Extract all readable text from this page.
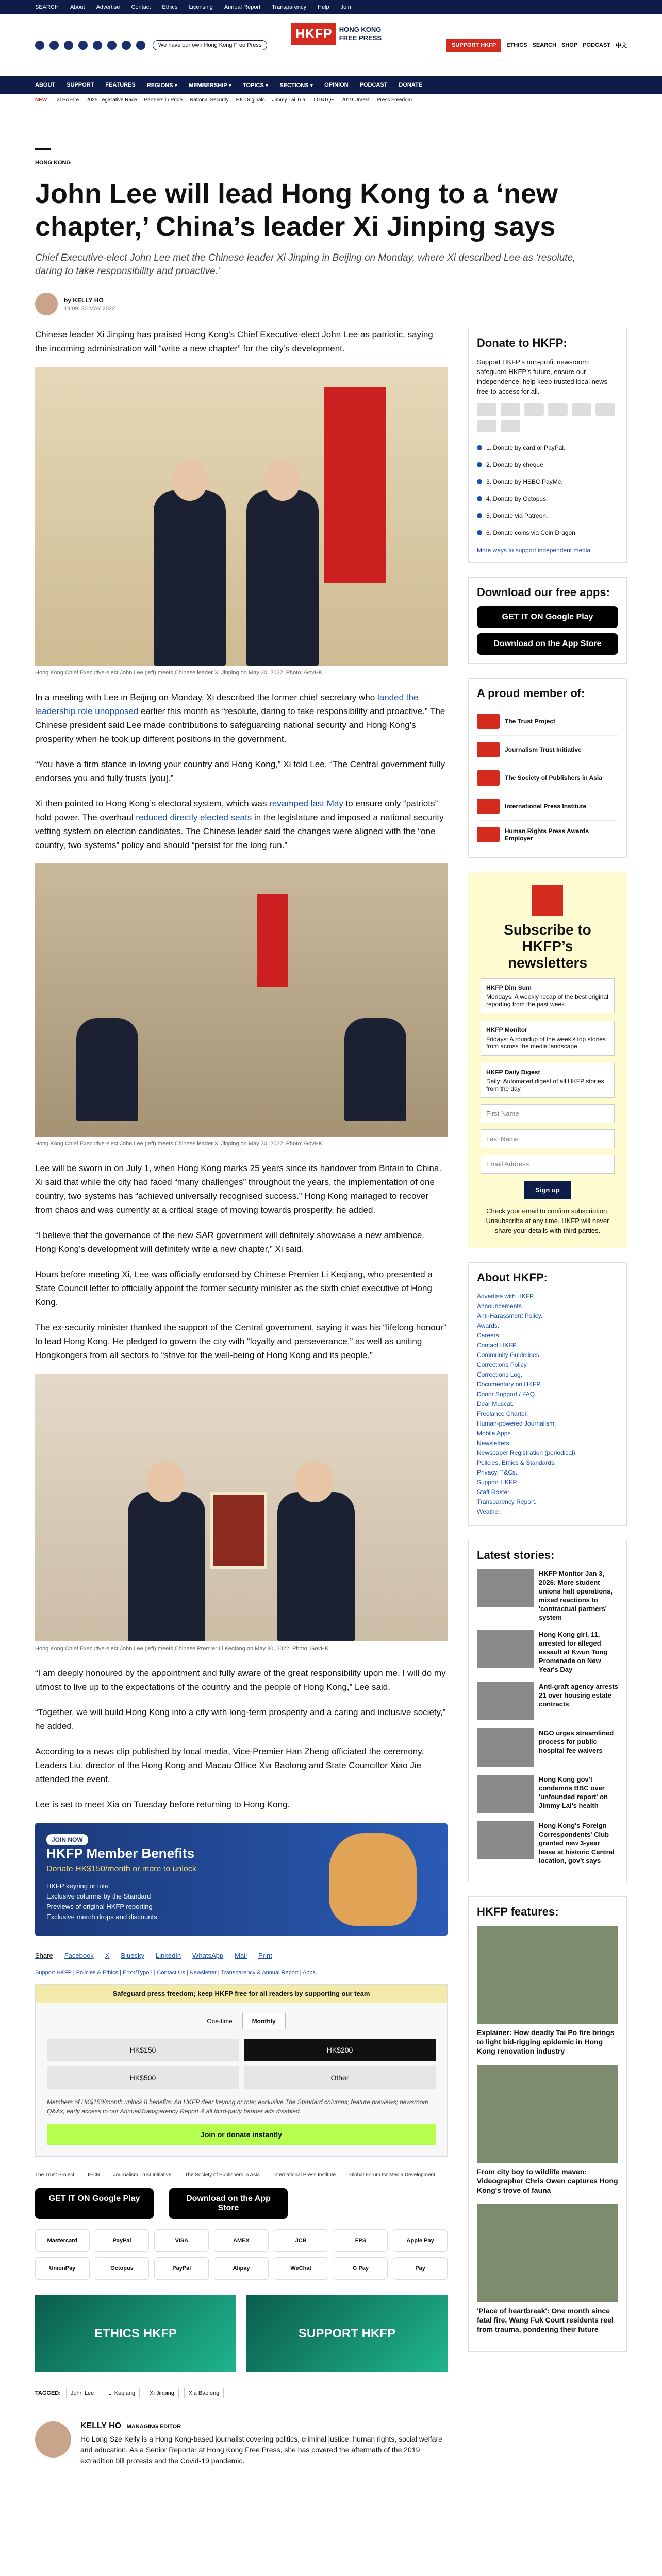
SEARCH About Advertise Contact Ethics Licensing Annual Report Transparency Help Join
We have our own Hong Kong Free Press
HKFP	HONG KONG
FREE PRESS
SUPPORT HKFP	ETHICS SEARCH SHOP PODCAST 中文
ABOUT SUPPORT FEATURES REGIONS ▾ MEMBERSHIP ▾ TOPICS ▾ SECTIONS ▾ OPINION PODCAST DONATE
NEW Tai Po Fire 2025 Legislative Race Partners in Pride National Security HK Originals Jimmy Lai Trial LGBTQ+ 2019 Unrest Press Freedom
HONG KONG
John Lee will lead Hong Kong to a ‘new chapter,’ China’s leader Xi Jinping says
Chief Executive-elect John Lee met the Chinese leader Xi Jinping in Beijing on Monday, where Xi described Lee as ‘resolute, daring to take responsibility and proactive.’
by KELLY HO
19:09, 30 MAY 2022

Chinese leader Xi Jinping has praised Hong Kong’s Chief Executive-elect John Lee as patriotic, saying the incoming administration will “write a new chapter” for the city’s development.

Hong Kong Chief Executive-elect John Lee (left) meets Chinese leader Xi Jinping on May 30, 2022. Photo: GovHK.

In a meeting with Lee in Beijing on Monday, Xi described the former chief secretary who landed the leadership role unopposed earlier this month as “resolute, daring to take responsibility and proactive.” The Chinese president said Lee made contributions to safeguarding national security and Hong Kong’s prosperity when he took up different positions in the government.

“You have a firm stance in loving your country and Hong Kong,” Xi told Lee. “The Central government fully endorses you and fully trusts [you].”

Xi then pointed to Hong Kong’s electoral system, which was revamped last May to ensure only “patriots” hold power. The overhaul reduced directly elected seats in the legislature and imposed a national security vetting system on election candidates. The Chinese leader said the changes were aligned with the “one country, two systems” policy and should “persist for the long run.”

Hong Kong Chief Executive-elect John Lee (left) meets Chinese leader Xi Jinping on May 30, 2022. Photo: GovHK.

Lee will be sworn in on July 1, when Hong Kong marks 25 years since its handover from Britain to China. Xi said that while the city had faced “many challenges” throughout the years, the implementation of one country, two systems has “achieved universally recognised success.” Hong Kong managed to recover from chaos and was currently at a critical stage of moving towards prosperity, he added.

“I believe that the governance of the new SAR government will definitely showcase a new ambience. Hong Kong’s development will definitely write a new chapter,” Xi said.

Hours before meeting Xi, Lee was officially endorsed by Chinese Premier Li Keqiang, who presented a State Council letter to officially appoint the former security minister as the sixth chief executive of Hong Kong.

The ex-security minister thanked the support of the Central government, saying it was his “lifelong honour” to lead Hong Kong. He pledged to govern the city with “loyalty and perseverance,” as well as uniting Hongkongers from all sectors to “strive for the well-being of Hong Kong and its people.”

Hong Kong Chief Executive-elect John Lee (left) meets Chinese Premier Li Keqiang on May 30, 2022. Photo: GovHK.

“I am deeply honoured by the appointment and fully aware of the great responsibility upon me. I will do my utmost to live up to the expectations of the country and the people of Hong Kong,” Lee said.

“Together, we will build Hong Kong into a city with long-term prosperity and a caring and inclusive society,” he added.

According to a news clip published by local media, Vice-Premier Han Zheng officiated the ceremony. Leaders Liu, director of the Hong Kong and Macau Office Xia Baolong and State Councillor Xiao Jie attended the event.

Lee is set to meet Xia on Tuesday before returning to Hong Kong.

JOIN NOW
HKFP Member Benefits
Donate HK$150/month or more to unlock
HKFP keyring or tote
Exclusive columns by the Standard
Previews of original HKFP reporting
Exclusive merch drops and discounts
Share Facebook X Bluesky LinkedIn WhatsApp Mail Print
Support HKFP | Policies & Ethics | Error/Typo? | Contact Us | Newsletter | Transparency & Annual Report | Apps
Safeguard press freedom; keep HKFP free for all readers by supporting our team
One-time	Monthly
HK$150	HK$200
HK$500	Other
Members of HK$150/month unlock 8 benefits: An HKFP deer keyring or tote; exclusive The Standard columns; feature previews; newsroom Q&As; early access to our Annual/Transparency Report & all third-party banner ads disabled.
Join or donate instantly
The Trust Project	IFCN	Journalism Trust Initiative	The Society of Publishers in Asia	International Press Institute	Global Forum for Media Development
GET IT ON Google Play	Download on the App Store
Mastercard	PayPal	VISA	AMEX	JCB	FPS	Apple Pay
UnionPay	Octopus	PayPal	Alipay	WeChat	G Pay	Pay
ETHICS HKFP	SUPPORT HKFP
TAGGED:	John Lee	Li Keqiang	Xi Jinping	Xia Baolong
KELLY HO MANAGING EDITOR

Ho Long Sze Kelly is a Hong Kong-based journalist covering politics, criminal justice, human rights, social welfare and education. As a Senior Reporter at Hong Kong Free Press, she has covered the aftermath of the 2019 extradition bill protests and the Covid-19 pandemic.

Donate to HKFP:

Support HKFP’s non-profit newsroom: safeguard HKFP’s future, ensure our independence, help keep trusted local news free-to-access for all.

1. Donate by card or PayPal.
2. Donate by cheque.
3. Donate by HSBC PayMe.
4. Donate by Octopus.
5. Donate via Patreon.
6. Donate coins via Coin Dragon.
More ways to support independent media.
Download our free apps:
GET IT ON Google Play
Download on the App Store
A proud member of:
The Trust Project
Journalism Trust Initiative
The Society of Publishers in Asia
International Press Institute
Human Rights Press Awards Employer
Subscribe to HKFP’s newsletters
HKFP Dim Sum
Mondays: A weekly recap of the best original reporting from the past week.
HKFP Monitor
Fridays: A roundup of the week’s top stories from across the media landscape.
HKFP Daily Digest
Daily: Automated digest of all HKFP stories from the day.
First Name
Last Name
Email Address
Sign up

Check your email to confirm subscription. Unsubscribe at any time. HKFP will never share your details with third parties.

About HKFP:
Advertise with HKFP.
Announcements.
Anti-Harassment Policy.
Awards.
Careers.
Contact HKFP.
Community Guidelines.
Corrections Policy.
Corrections Log.
Documentary on HKFP.
Donor Support / FAQ.
Dear Muscat.
Freelance Charter.
Human-powered Journalism.
Mobile Apps.
Newsletters.
Newspaper Registration (periodical).
Policies, Ethics & Standards.
Privacy, T&Cs.
Support HKFP.
Staff Roster.
Transparency Report.
Weather.
Latest stories:
HKFP Monitor Jan 3, 2026: More student unions halt operations, mixed reactions to 'contractual partners' system
Hong Kong girl, 11, arrested for alleged assault at Kwun Tong Promenade on New Year's Day
Anti-graft agency arrests 21 over housing estate contracts
NGO urges streamlined process for public hospital fee waivers
Hong Kong gov't condemns BBC over 'unfounded report' on Jimmy Lai's health
Hong Kong's Foreign Correspondents' Club granted new 3-year lease at historic Central location, gov't says
HKFP features:
Explainer: How deadly Tai Po fire brings to light bid-rigging epidemic in Hong Kong renovation industry
From city boy to wildlife maven: Videographer Chris Owen captures Hong Kong's trove of fauna
'Place of heartbreak': One month since fatal fire, Wang Fuk Court residents reel from trauma, pondering their future
